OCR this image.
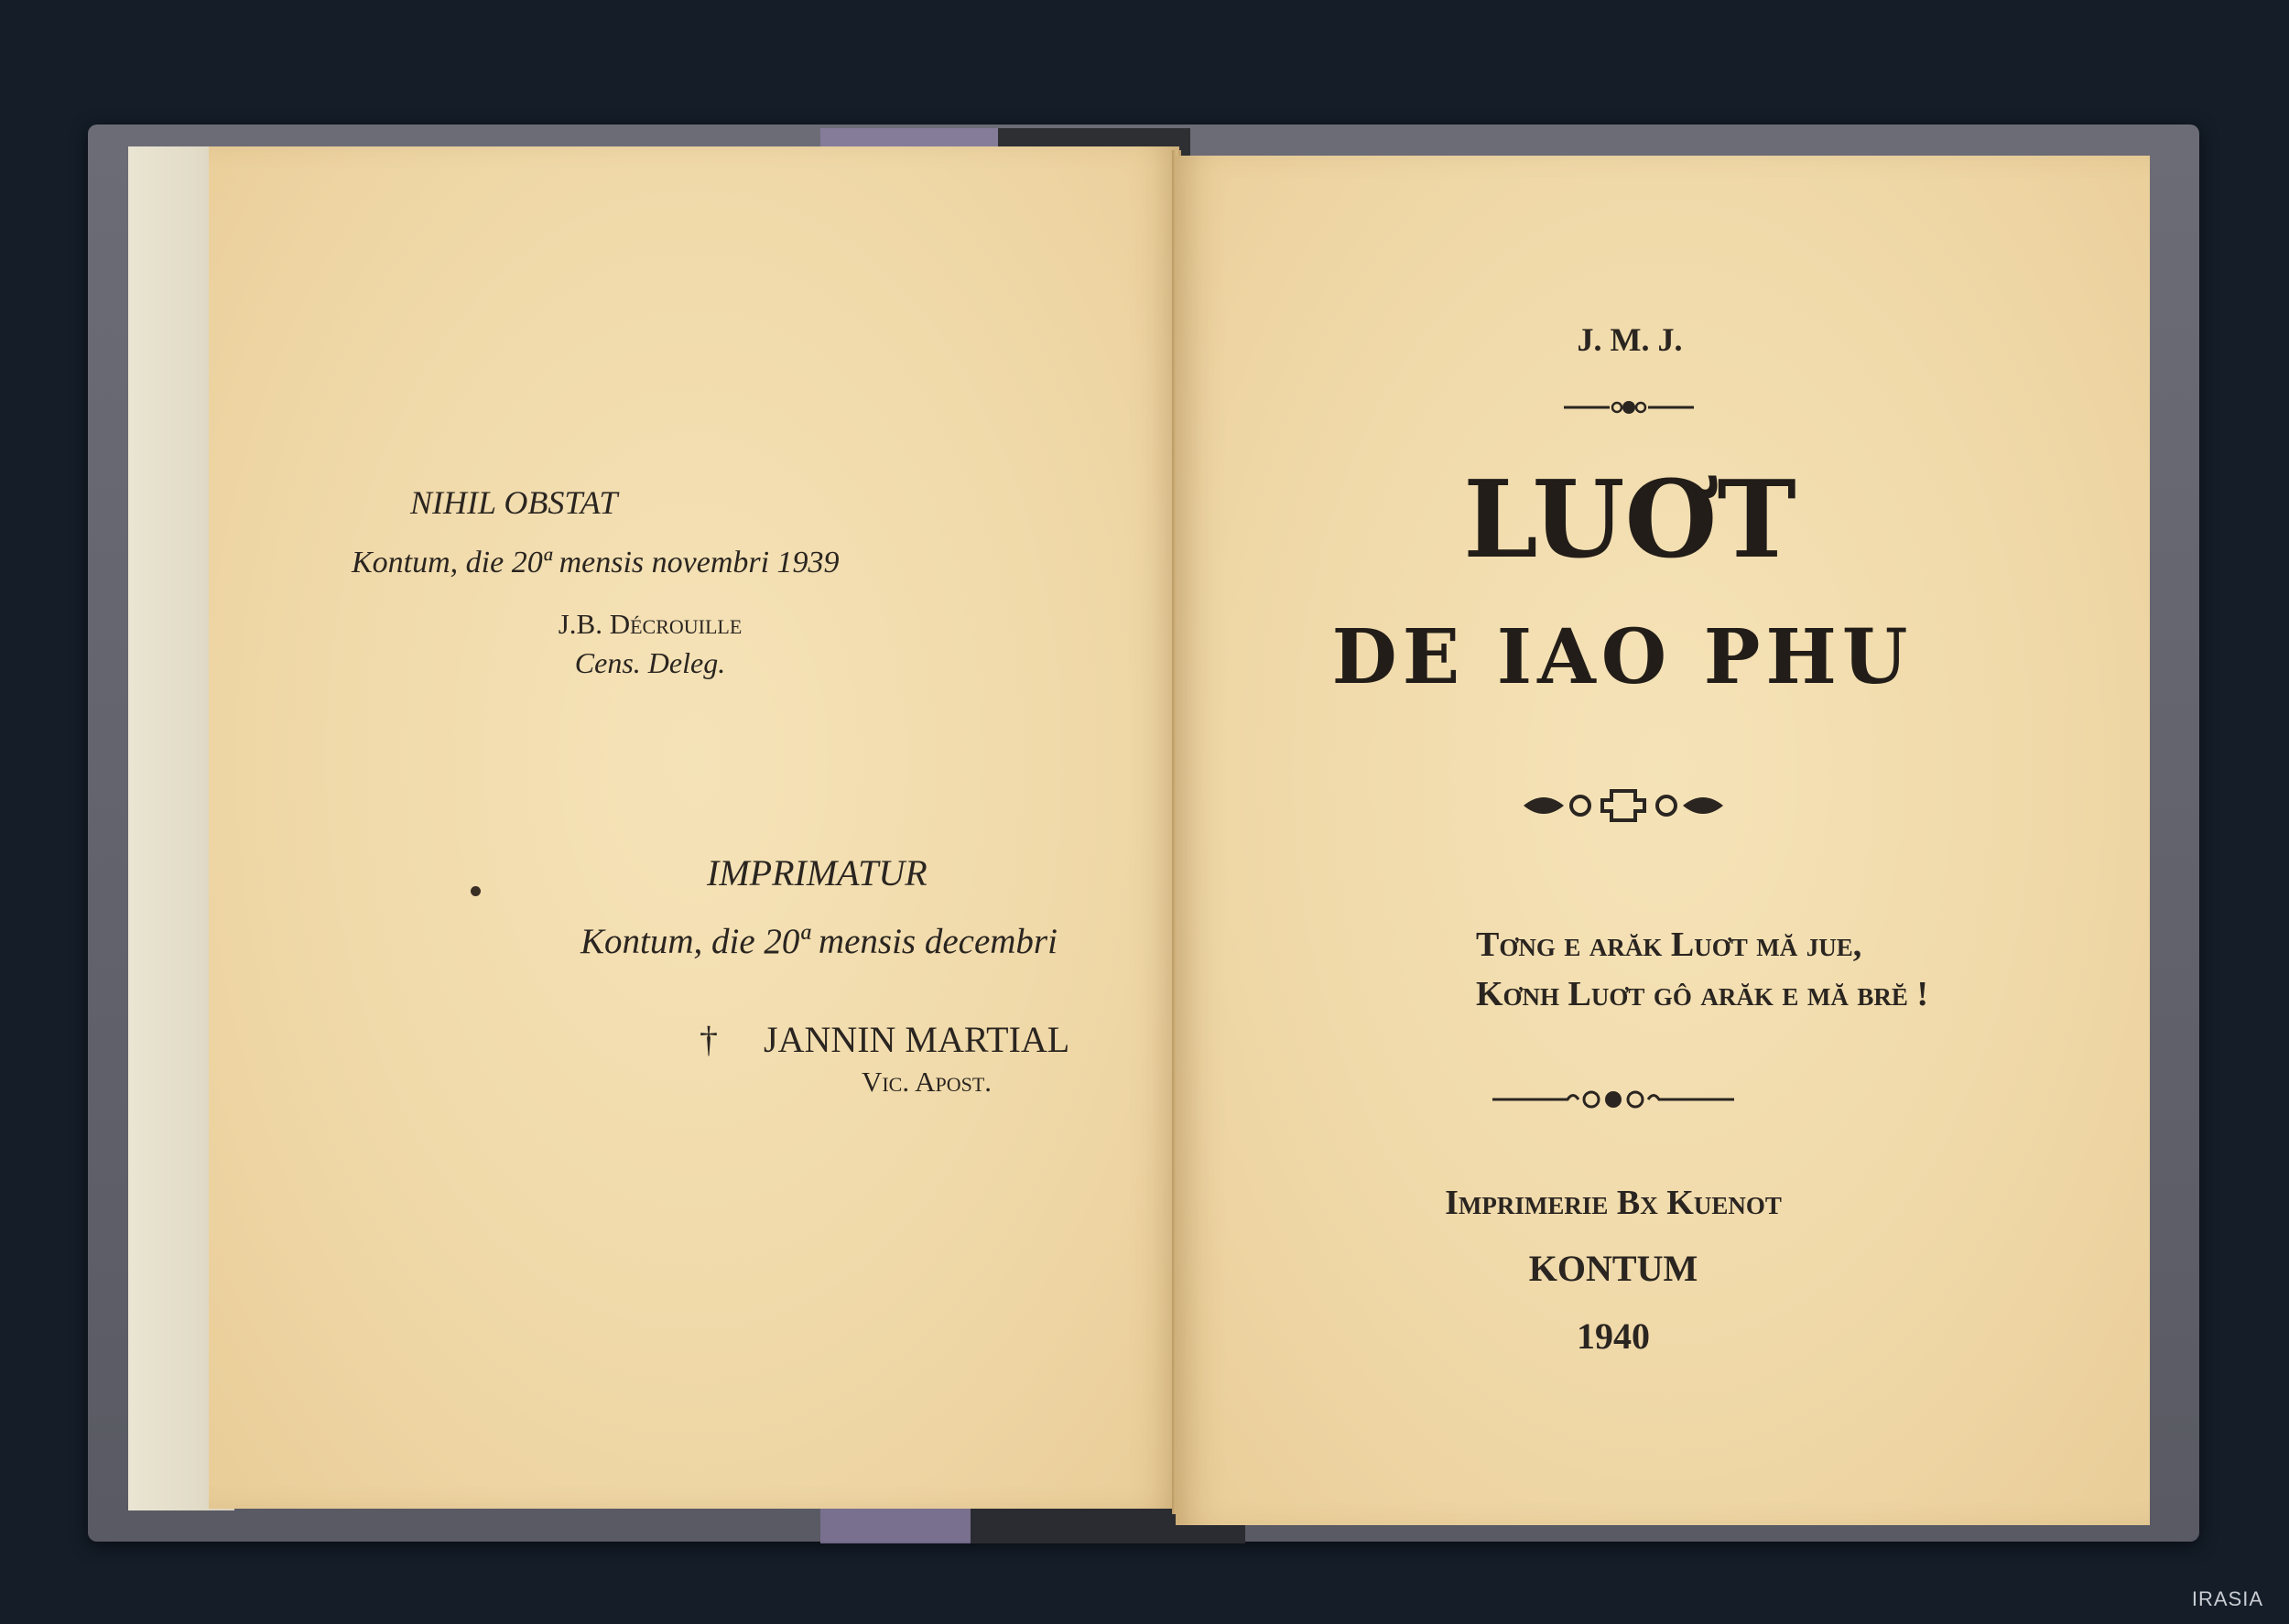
NIHIL OBSTAT
Kontum, die 20ª mensis novembri 1939
J.B. Décrouille
Cens. Deleg.
IMPRIMATUR
Kontum, die 20ª mensis decembri
† JANNIN MARTIAL
Vic. Apost.
J. M. J.
LUƠT
DE IAO PHU
Tơng e arăk Luơt mă jue,
Kơnh Luơt gô arăk e mă brĕ !
Imprimerie Bx Kuenot
KONTUM
1940
IRASIA
